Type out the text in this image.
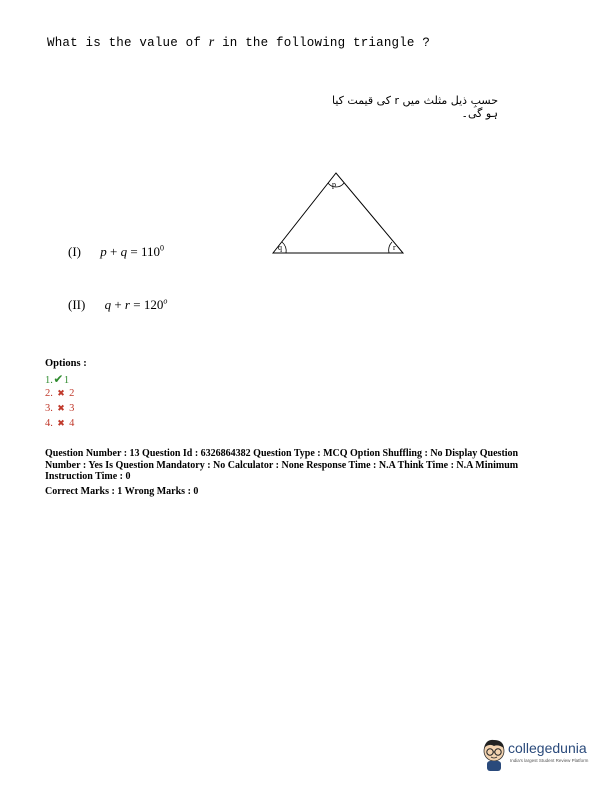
What is the value of r in the following triangle ?
حسبِ ذیل مثلث میں r کی قیمت کیا ہو گی۔
p
q	r
(I) $p + q = 110^0$
(II) $q + r = 120^o$
Options :
1.✔1
2. ✖ 2
3. ✖ 3
4. ✖ 4
Question Number : 13 Question Id : 6326864382 Question Type : MCQ Option Shuffling : No Display Question Number : Yes Is Question Mandatory : No Calculator : None Response Time : N.A Think Time : N.A Minimum Instruction Time : 0
Correct Marks : 1 Wrong Marks : 0
collegedunia
India's largest Student Review Platform
